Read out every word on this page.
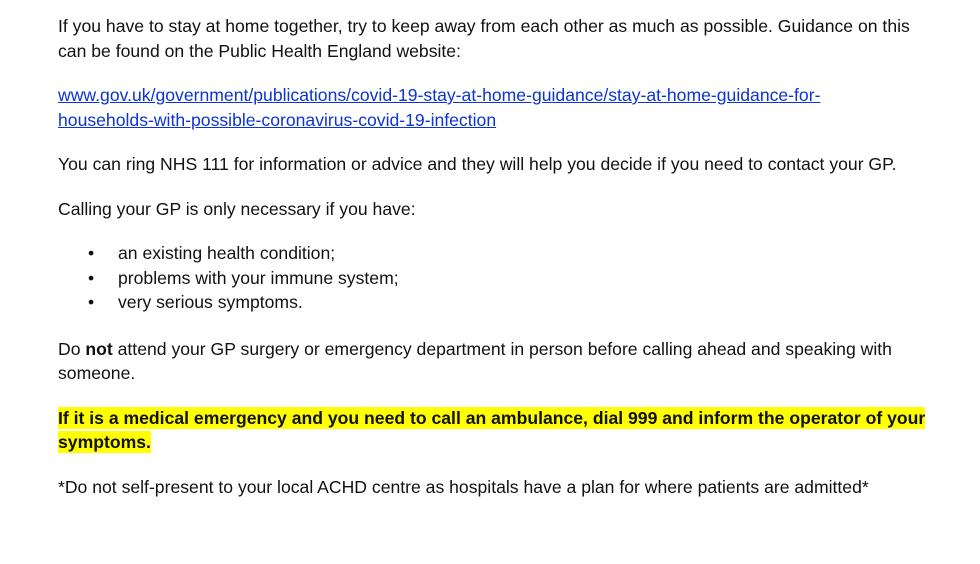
If you have to stay at home together, try to keep away from each other as much as possible. Guidance on this can be found on the Public Health England website:

www.gov.uk/government/publications/covid-19-stay-at-home-guidance/stay-at-home-guidance-for-
households-with-possible-coronavirus-covid-19-infection

You can ring NHS 111 for information or advice and they will help you decide if you need to contact your GP.

Calling your GP is only necessary if you have:

• an existing health condition;
• problems with your immune system;
• very serious symptoms.

Do not attend your GP surgery or emergency department in person before calling ahead and speaking with someone.

If it is a medical emergency and you need to call an ambulance, dial 999 and inform the operator of your
symptoms.

*Do not self-present to your local ACHD centre as hospitals have a plan for where patients are admitted*
